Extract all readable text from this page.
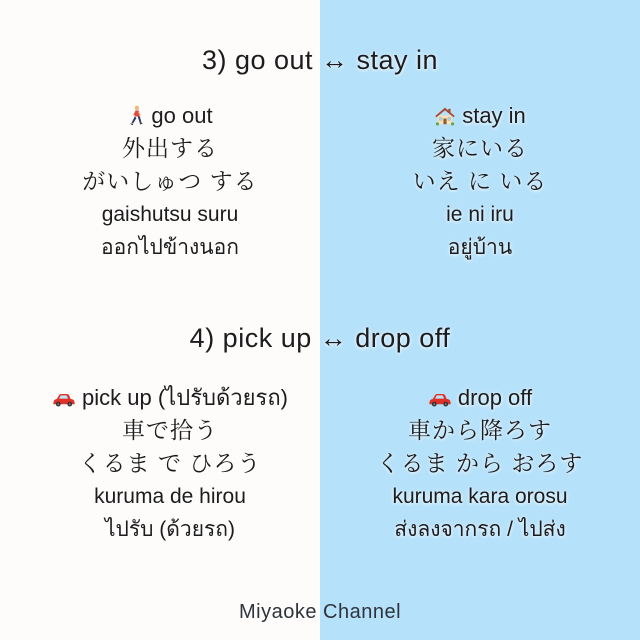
3) go out ↔ stay in
go out
外出する
がいしゅつ する
gaishutsu suru
ออกไปข้างนอก
stay in
家にいる
いえ に いる
ie ni iru
อยู่บ้าน
4) pick up ↔ drop off
pick up (ไปรับด้วยรถ)
車で拾う
くるま で ひろう
kuruma de hirou
ไปรับ (ด้วยรถ)
drop off
車から降ろす
くるま から おろす
kuruma kara orosu
ส่งลงจากรถ / ไปส่ง
Miyaoke Channel
